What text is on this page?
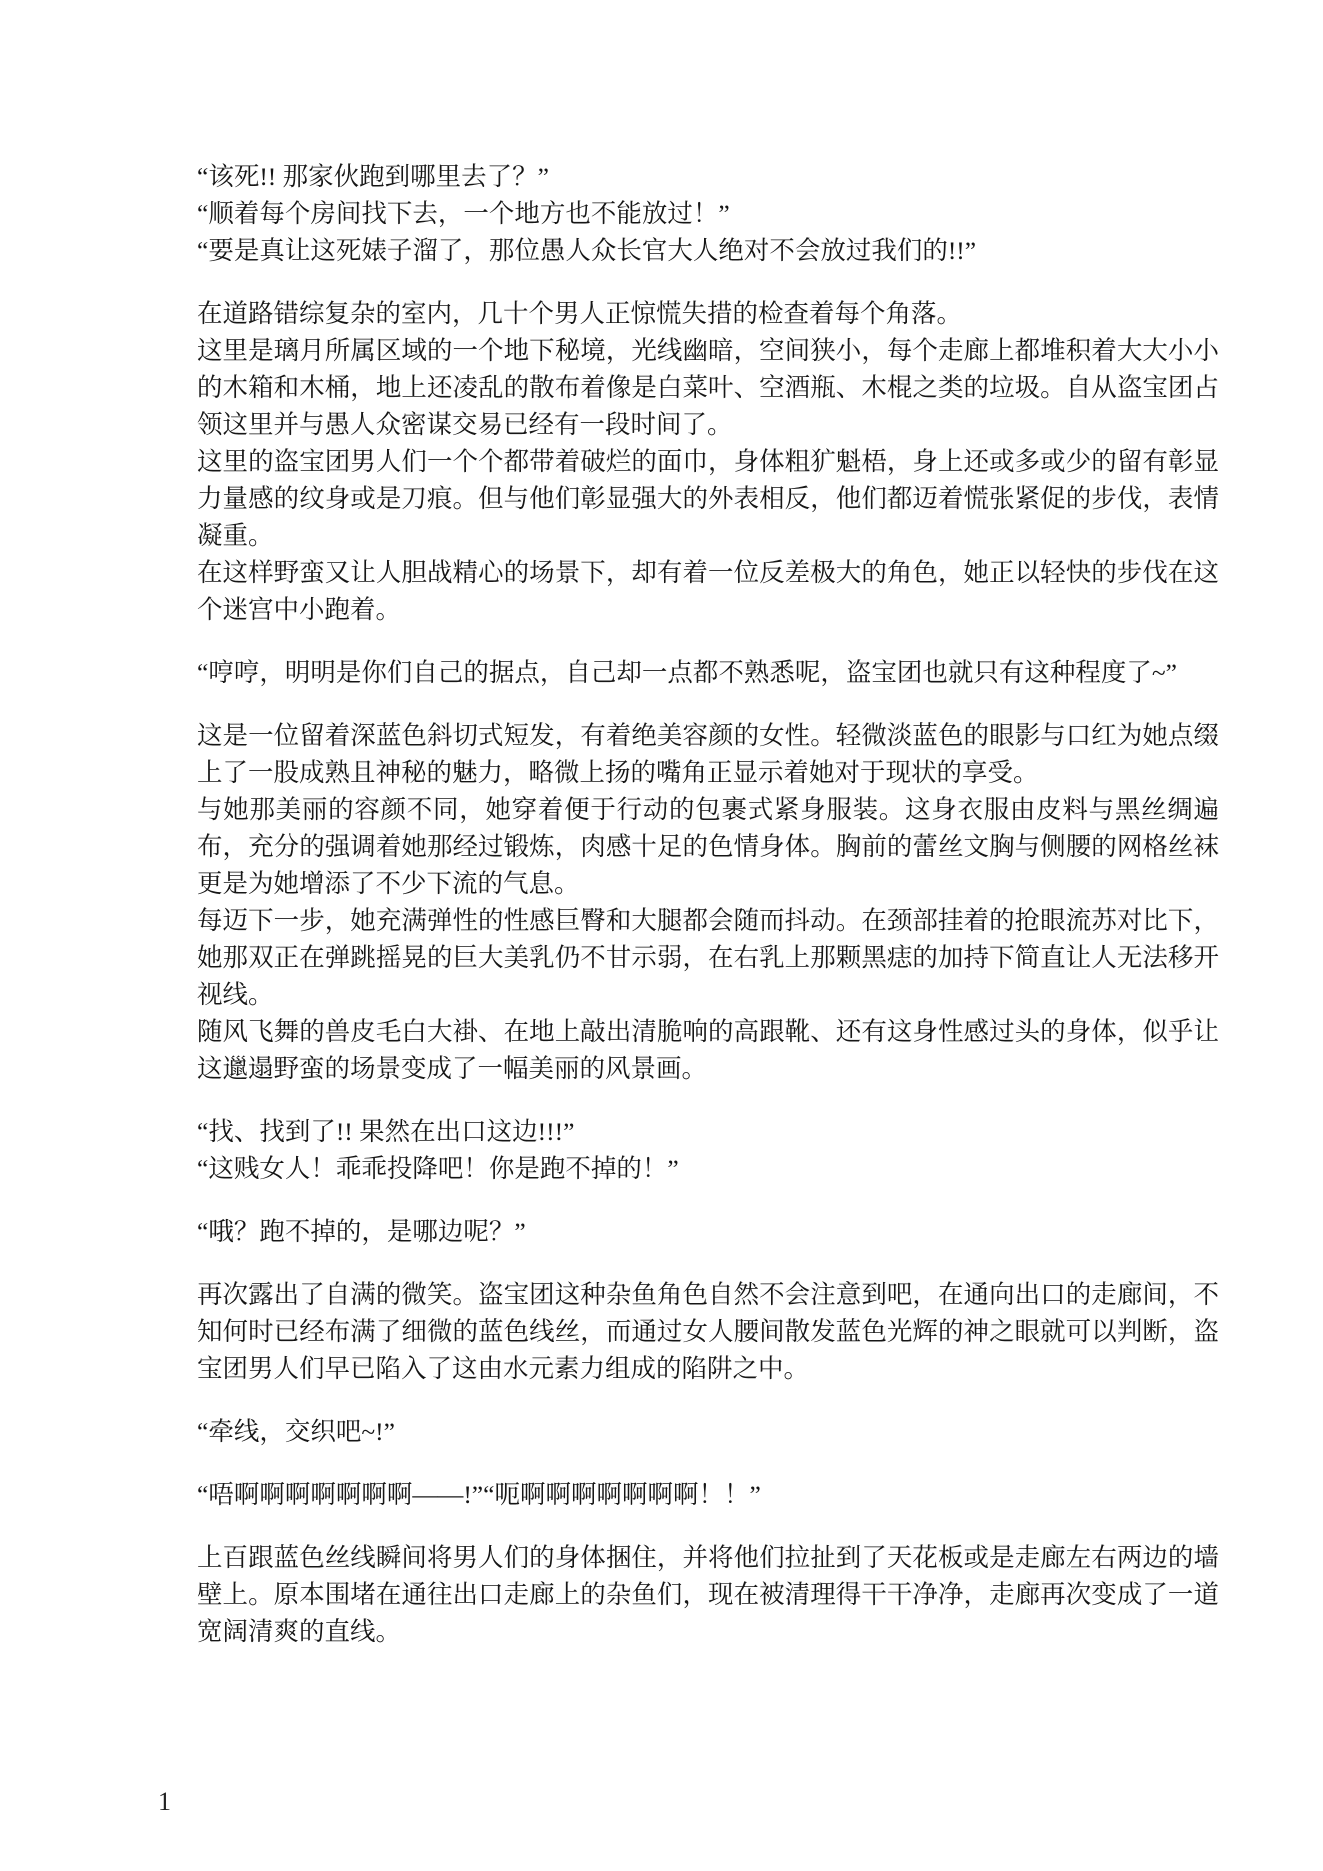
“该死!! 那家伙跑到哪里去了？”

“顺着每个房间找下去，一个地方也不能放过！”

“要是真让这死婊子溜了，那位愚人众长官大人绝对不会放过我们的!!”

在道路错综复杂的室内，几十个男人正惊慌失措的检查着每个角落。

这里是璃月所属区域的一个地下秘境，光线幽暗，空间狭小，每个走廊上都堆积着大大小小的木箱和木桶，地上还凌乱的散布着像是白菜叶、空酒瓶、木棍之类的垃圾。自从盗宝团占领这里并与愚人众密谋交易已经有一段时间了。

这里的盗宝团男人们一个个都带着破烂的面巾，身体粗犷魁梧，身上还或多或少的留有彰显力量感的纹身或是刀痕。但与他们彰显强大的外表相反，他们都迈着慌张紧促的步伐，表情凝重。

在这样野蛮又让人胆战精心的场景下，却有着一位反差极大的角色，她正以轻快的步伐在这个迷宫中小跑着。

“哼哼，明明是你们自己的据点，自己却一点都不熟悉呢，盗宝团也就只有这种程度了~”

这是一位留着深蓝色斜切式短发，有着绝美容颜的女性。轻微淡蓝色的眼影与口红为她点缀上了一股成熟且神秘的魅力，略微上扬的嘴角正显示着她对于现状的享受。

与她那美丽的容颜不同，她穿着便于行动的包裹式紧身服装。这身衣服由皮料与黑丝绸遍布，充分的强调着她那经过锻炼，肉感十足的色情身体。胸前的蕾丝文胸与侧腰的网格丝袜更是为她增添了不少下流的气息。

每迈下一步，她充满弹性的性感巨臀和大腿都会随而抖动。在颈部挂着的抢眼流苏对比下，她那双正在弹跳摇晃的巨大美乳仍不甘示弱，在右乳上那颗黑痣的加持下简直让人无法移开视线。

随风飞舞的兽皮毛白大褂、在地上敲出清脆响的高跟靴、还有这身性感过头的身体，似乎让这邋遢野蛮的场景变成了一幅美丽的风景画。

“找、找到了!! 果然在出口这边!!!”

“这贱女人！乖乖投降吧！你是跑不掉的！”

“哦？跑不掉的，是哪边呢？”

再次露出了自满的微笑。盗宝团这种杂鱼角色自然不会注意到吧，在通向出口的走廊间，不知何时已经布满了细微的蓝色线丝，而通过女人腰间散发蓝色光辉的神之眼就可以判断，盗宝团男人们早已陷入了这由水元素力组成的陷阱之中。

“牵线，交织吧~!”

“唔啊啊啊啊啊啊啊——!”“呃啊啊啊啊啊啊啊！！”

上百跟蓝色丝线瞬间将男人们的身体捆住，并将他们拉扯到了天花板或是走廊左右两边的墙壁上。原本围堵在通往出口走廊上的杂鱼们，现在被清理得干干净净，走廊再次变成了一道宽阔清爽的直线。

1
